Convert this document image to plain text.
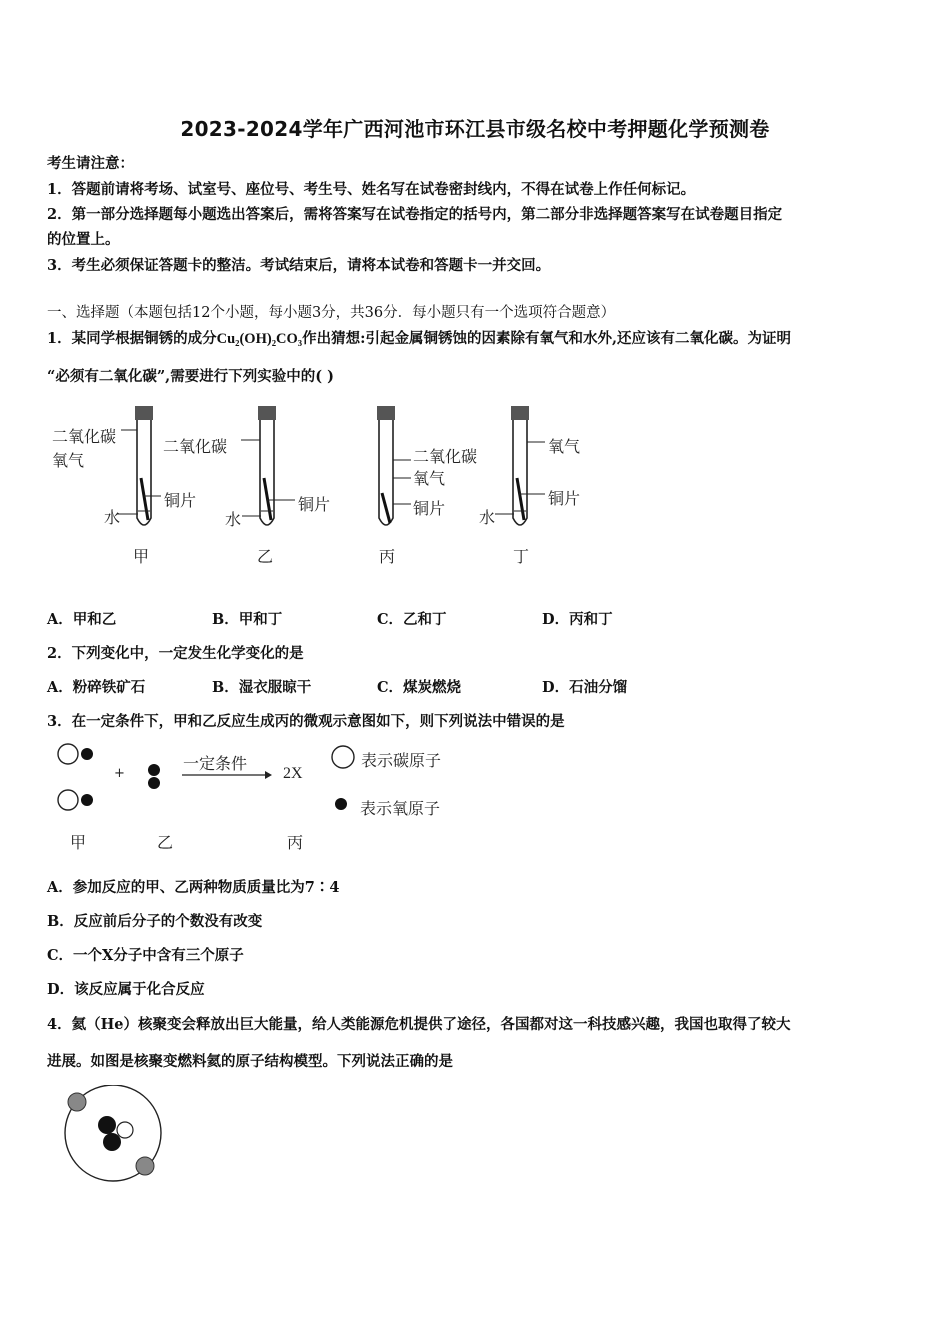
2023-2024学年广西河池市环江县市级名校中考押题化学预测卷
考生请注意：
1．答题前请将考场、试室号、座位号、考生号、姓名写在试卷密封线内，不得在试卷上作任何标记。
2．第一部分选择题每小题选出答案后，需将答案写在试卷指定的括号内，第二部分非选择题答案写在试卷题目指定
的位置上。
3．考生必须保证答题卡的整洁。考试结束后，请将本试卷和答题卡一并交回。
一、选择题（本题包括12个小题，每小题3分，共36分．每小题只有一个选项符合题意）
1．某同学根据铜锈的成分Cu₂(OH)₂CO₃作出猜想:引起金属铜锈蚀的因素除有氧气和水外,还应该有二氧化碳。为证明
“必须有二氧化碳”,需要进行下列实验中的( )
二氧化碳
氧气
铜片
水
二氧化碳
铜片
水
二氧化碳
氧气
铜片
氧气
铜片
水
甲	乙	丙	丁
A．甲和乙	B．甲和丁	C．乙和丁	D．丙和丁
2．下列变化中，一定发生化学变化的是
A．粉碎铁矿石	B．湿衣服晾干	C．煤炭燃烧	D．石油分馏
3．在一定条件下，甲和乙反应生成丙的微观示意图如下，则下列说法中错误的是
+
一定条件
2X
表示碳原子
表示氧原子
甲	乙	丙
A．参加反应的甲、乙两种物质质量比为7∶4
B．反应前后分子的个数没有改变
C．一个X分子中含有三个原子
D．该反应属于化合反应
4．氦（He）核聚变会释放出巨大能量，给人类能源危机提供了途径，各国都对这一科技感兴趣，我国也取得了较大
进展。如图是核聚变燃料氦的原子结构模型。下列说法正确的是
